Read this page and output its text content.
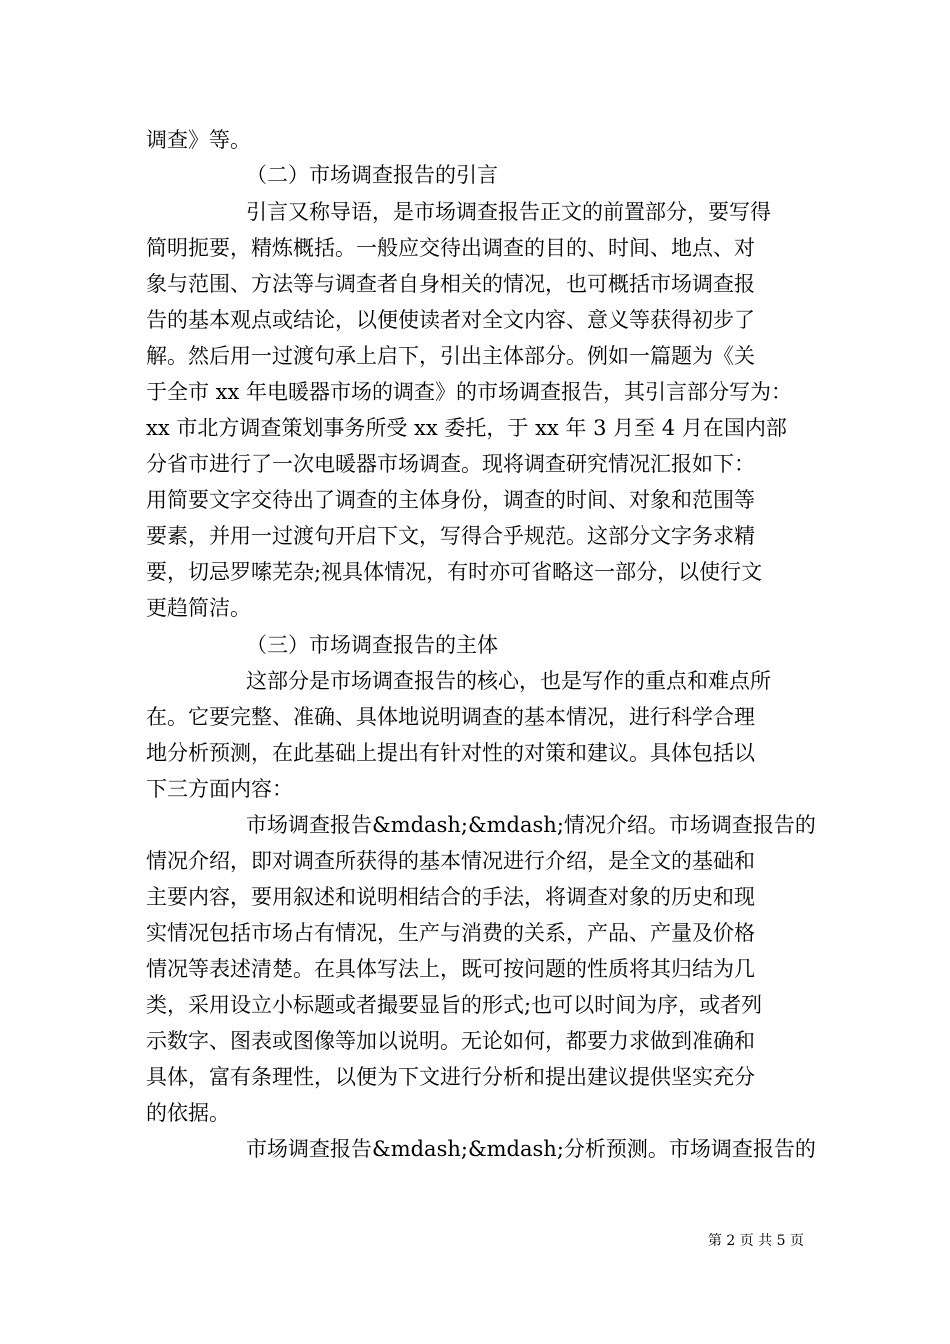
调查》等。
（二）市场调查报告的引言
引言又称导语，是市场调查报告正文的前置部分，要写得
简明扼要，精炼概括。一般应交待出调查的目的、时间、地点、对
象与范围、方法等与调查者自身相关的情况，也可概括市场调查报
告的基本观点或结论，以便使读者对全文内容、意义等获得初步了
解。然后用一过渡句承上启下，引出主体部分。例如一篇题为《关
于全市 xx 年电暖器市场的调查》的市场调查报告，其引言部分写为：
xx 市北方调查策划事务所受 xx 委托，于 xx 年 3 月至 4 月在国内部
分省市进行了一次电暖器市场调查。现将调查研究情况汇报如下：
用简要文字交待出了调查的主体身份，调查的时间、对象和范围等
要素，并用一过渡句开启下文，写得合乎规范。这部分文字务求精
要，切忌罗嗦芜杂;视具体情况，有时亦可省略这一部分，以使行文
更趋简洁。
（三）市场调查报告的主体
这部分是市场调查报告的核心，也是写作的重点和难点所
在。它要完整、准确、具体地说明调查的基本情况，进行科学合理
地分析预测，在此基础上提出有针对性的对策和建议。具体包括以
下三方面内容：
市场调查报告&mdash;&mdash;情况介绍。市场调查报告的
情况介绍，即对调查所获得的基本情况进行介绍，是全文的基础和
主要内容，要用叙述和说明相结合的手法，将调查对象的历史和现
实情况包括市场占有情况，生产与消费的关系，产品、产量及价格
情况等表述清楚。在具体写法上，既可按问题的性质将其归结为几
类，采用设立小标题或者撮要显旨的形式;也可以时间为序，或者列
示数字、图表或图像等加以说明。无论如何，都要力求做到准确和
具体，富有条理性，以便为下文进行分析和提出建议提供坚实充分
的依据。
市场调查报告&mdash;&mdash;分析预测。市场调查报告的
第 2 页 共 5 页
